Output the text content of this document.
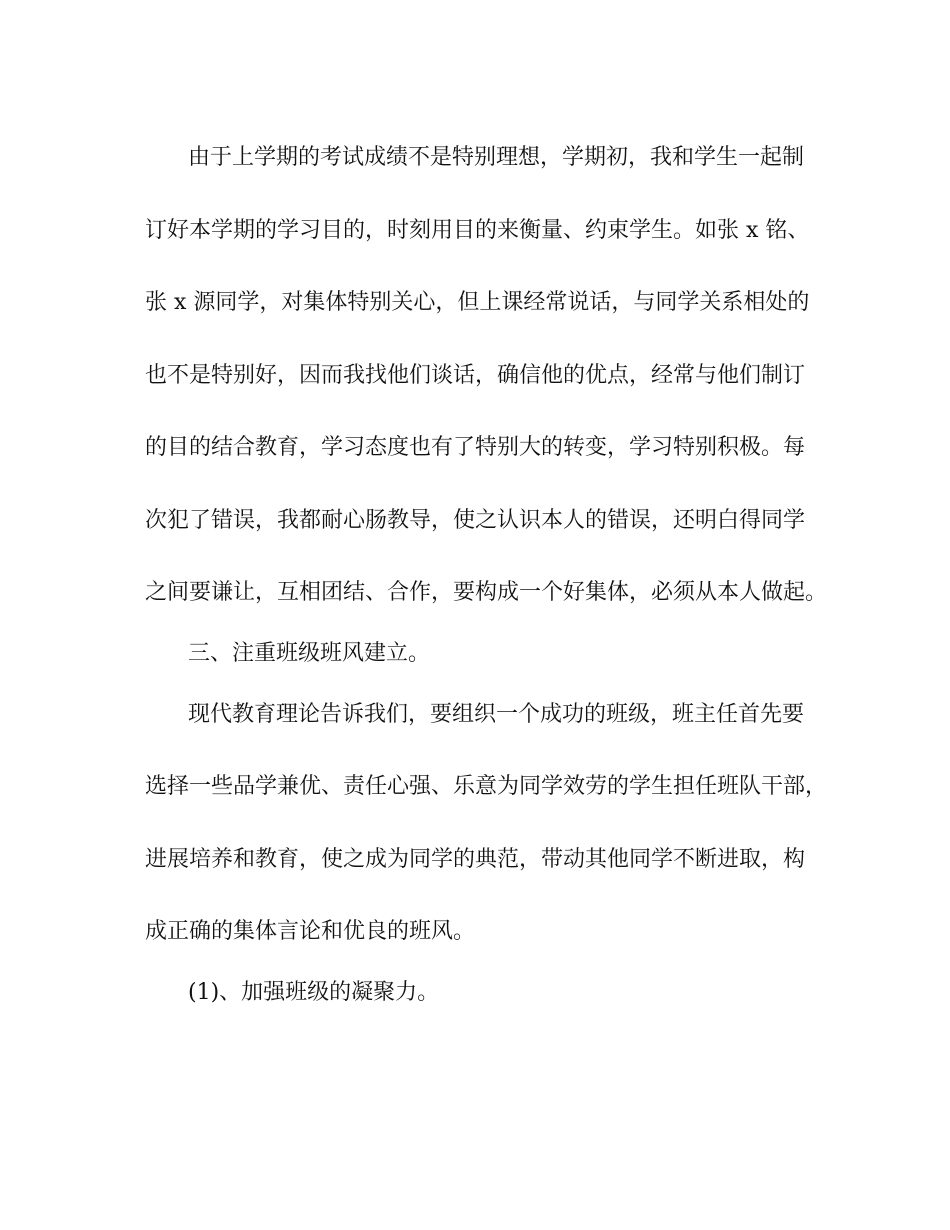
由于上学期的考试成绩不是特别理想，学期初，我和学生一起制
订好本学期的学习目的，时刻用目的来衡量、约束学生。如张 x 铭、
张 x 源同学，对集体特别关心，但上课经常说话，与同学关系相处的
也不是特别好，因而我找他们谈话，确信他的优点，经常与他们制订
的目的结合教育，学习态度也有了特别大的转变，学习特别积极。每
次犯了错误，我都耐心肠教导，使之认识本人的错误，还明白得同学
之间要谦让，互相团结、合作，要构成一个好集体，必须从本人做起。
三、注重班级班风建立。
现代教育理论告诉我们，要组织一个成功的班级，班主任首先要
选择一些品学兼优、责任心强、乐意为同学效劳的学生担任班队干部，
进展培养和教育，使之成为同学的典范，带动其他同学不断进取，构
成正确的集体言论和优良的班风。
(1)、加强班级的凝聚力。
